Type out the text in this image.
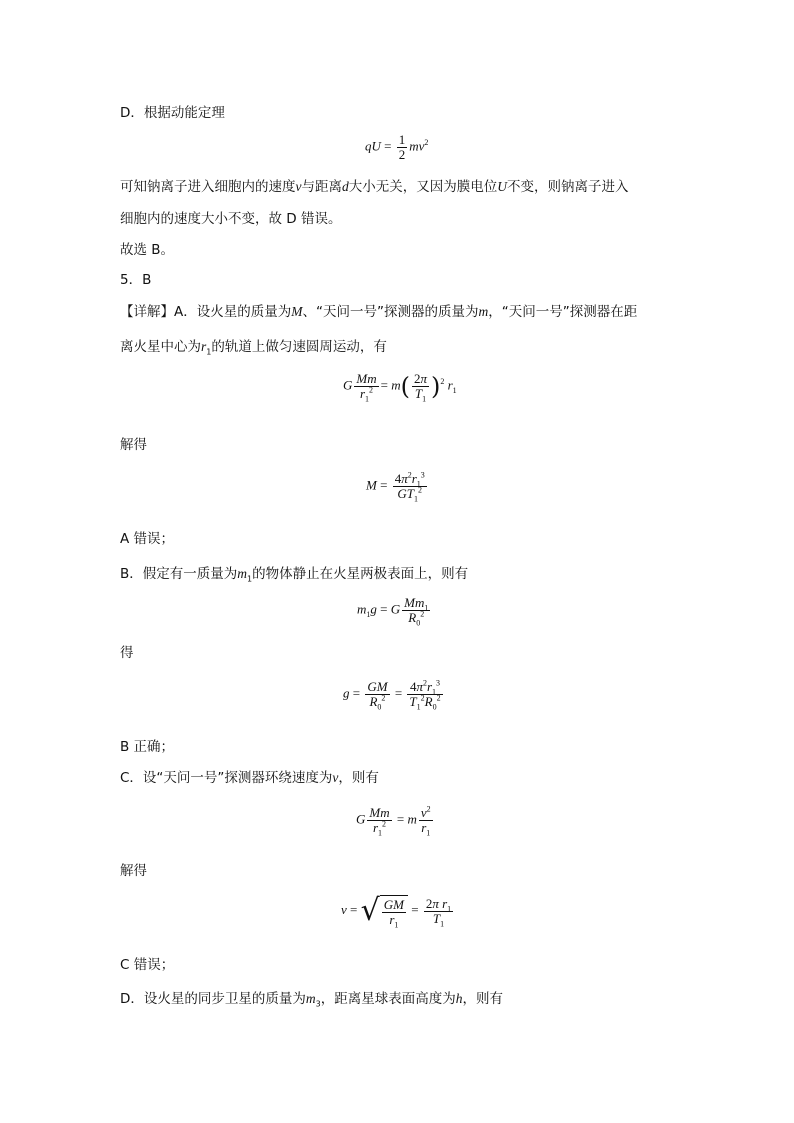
D．根据动能定理
qU = $\frac{1}{2} mv^2$
可知钠离子进入细胞内的速度v与距离d大小无关，又因为膜电位U不变，则钠离子进入
细胞内的速度大小不变，故 D 错误。
故选 B。
5．B
【详解】A．设火星的质量为M、“天问一号”探测器的质量为m，“天问一号”探测器在距
离火星中心为$r_1$的轨道上做匀速圆周运动，有
G $\frac{Mm}{r_1^2} = m( \frac{2\pi}{T_1} )^2$ $r_1$
解得
$M = \frac{4\pi^2r_1^3}{GT_1^2}$
A 错误；
B．假定有一质量为$m_1$的物体静止在火星两极表面上，则有
$m_1g = G \frac{Mm_1}{R_0^2}$
得
$g = \frac{GM}{R_0^2} = \frac{4\pi^2r_1^3}{T_1^2R_0^2}$
B 正确；
C．设“天问一号”探测器环绕速度为v，则有
G $\frac{Mm}{r_1^2} = m \frac{v^2}{r_1}$
解得
v = √ $\frac{GM}{r_1} = \frac{2\pi r_1}{T_1}$
C 错误；
D．设火星的同步卫星的质量为$m_3$，距离星球表面高度为h，则有
